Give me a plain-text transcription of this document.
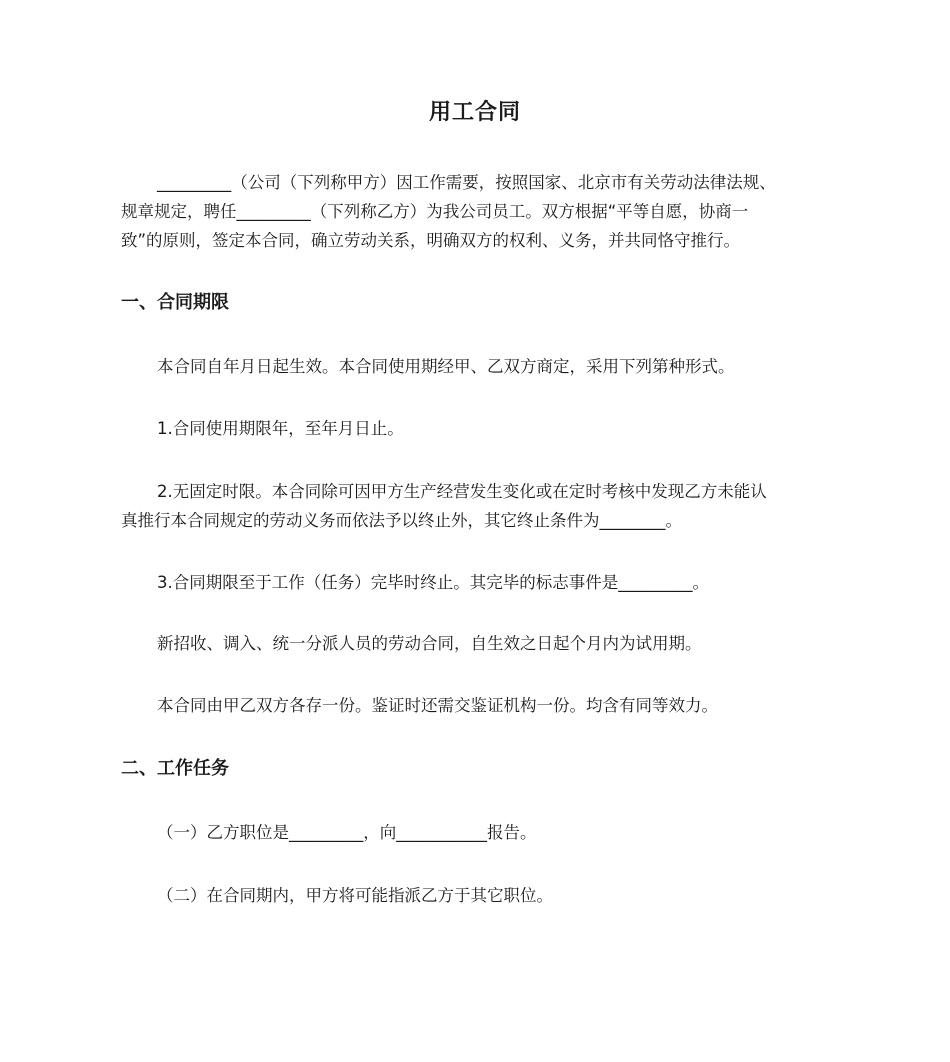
用工合同
_________（公司（下列称甲方）因工作需要，按照国家、北京市有关劳动法律法规、
规章规定，聘任_________（下列称乙方）为我公司员工。双方根据“平等自愿，协商一
致”的原则，签定本合同，确立劳动关系，明确双方的权利、义务，并共同恪守推行。
一、合同期限
本合同自年月日起生效。本合同使用期经甲、乙双方商定，采用下列第种形式。
1.合同使用期限年，至年月日止。
2.无固定时限。本合同除可因甲方生产经营发生变化或在定时考核中发现乙方未能认
真推行本合同规定的劳动义务而依法予以终止外，其它终止条件为________。
3.合同期限至于工作（任务）完毕时终止。其完毕的标志事件是_________。
新招收、调入、统一分派人员的劳动合同，自生效之日起个月内为试用期。
本合同由甲乙双方各存一份。鉴证时还需交鉴证机构一份。均含有同等效力。
二、工作任务
（一）乙方职位是_________，向___________报告。
（二）在合同期内，甲方将可能指派乙方于其它职位。
